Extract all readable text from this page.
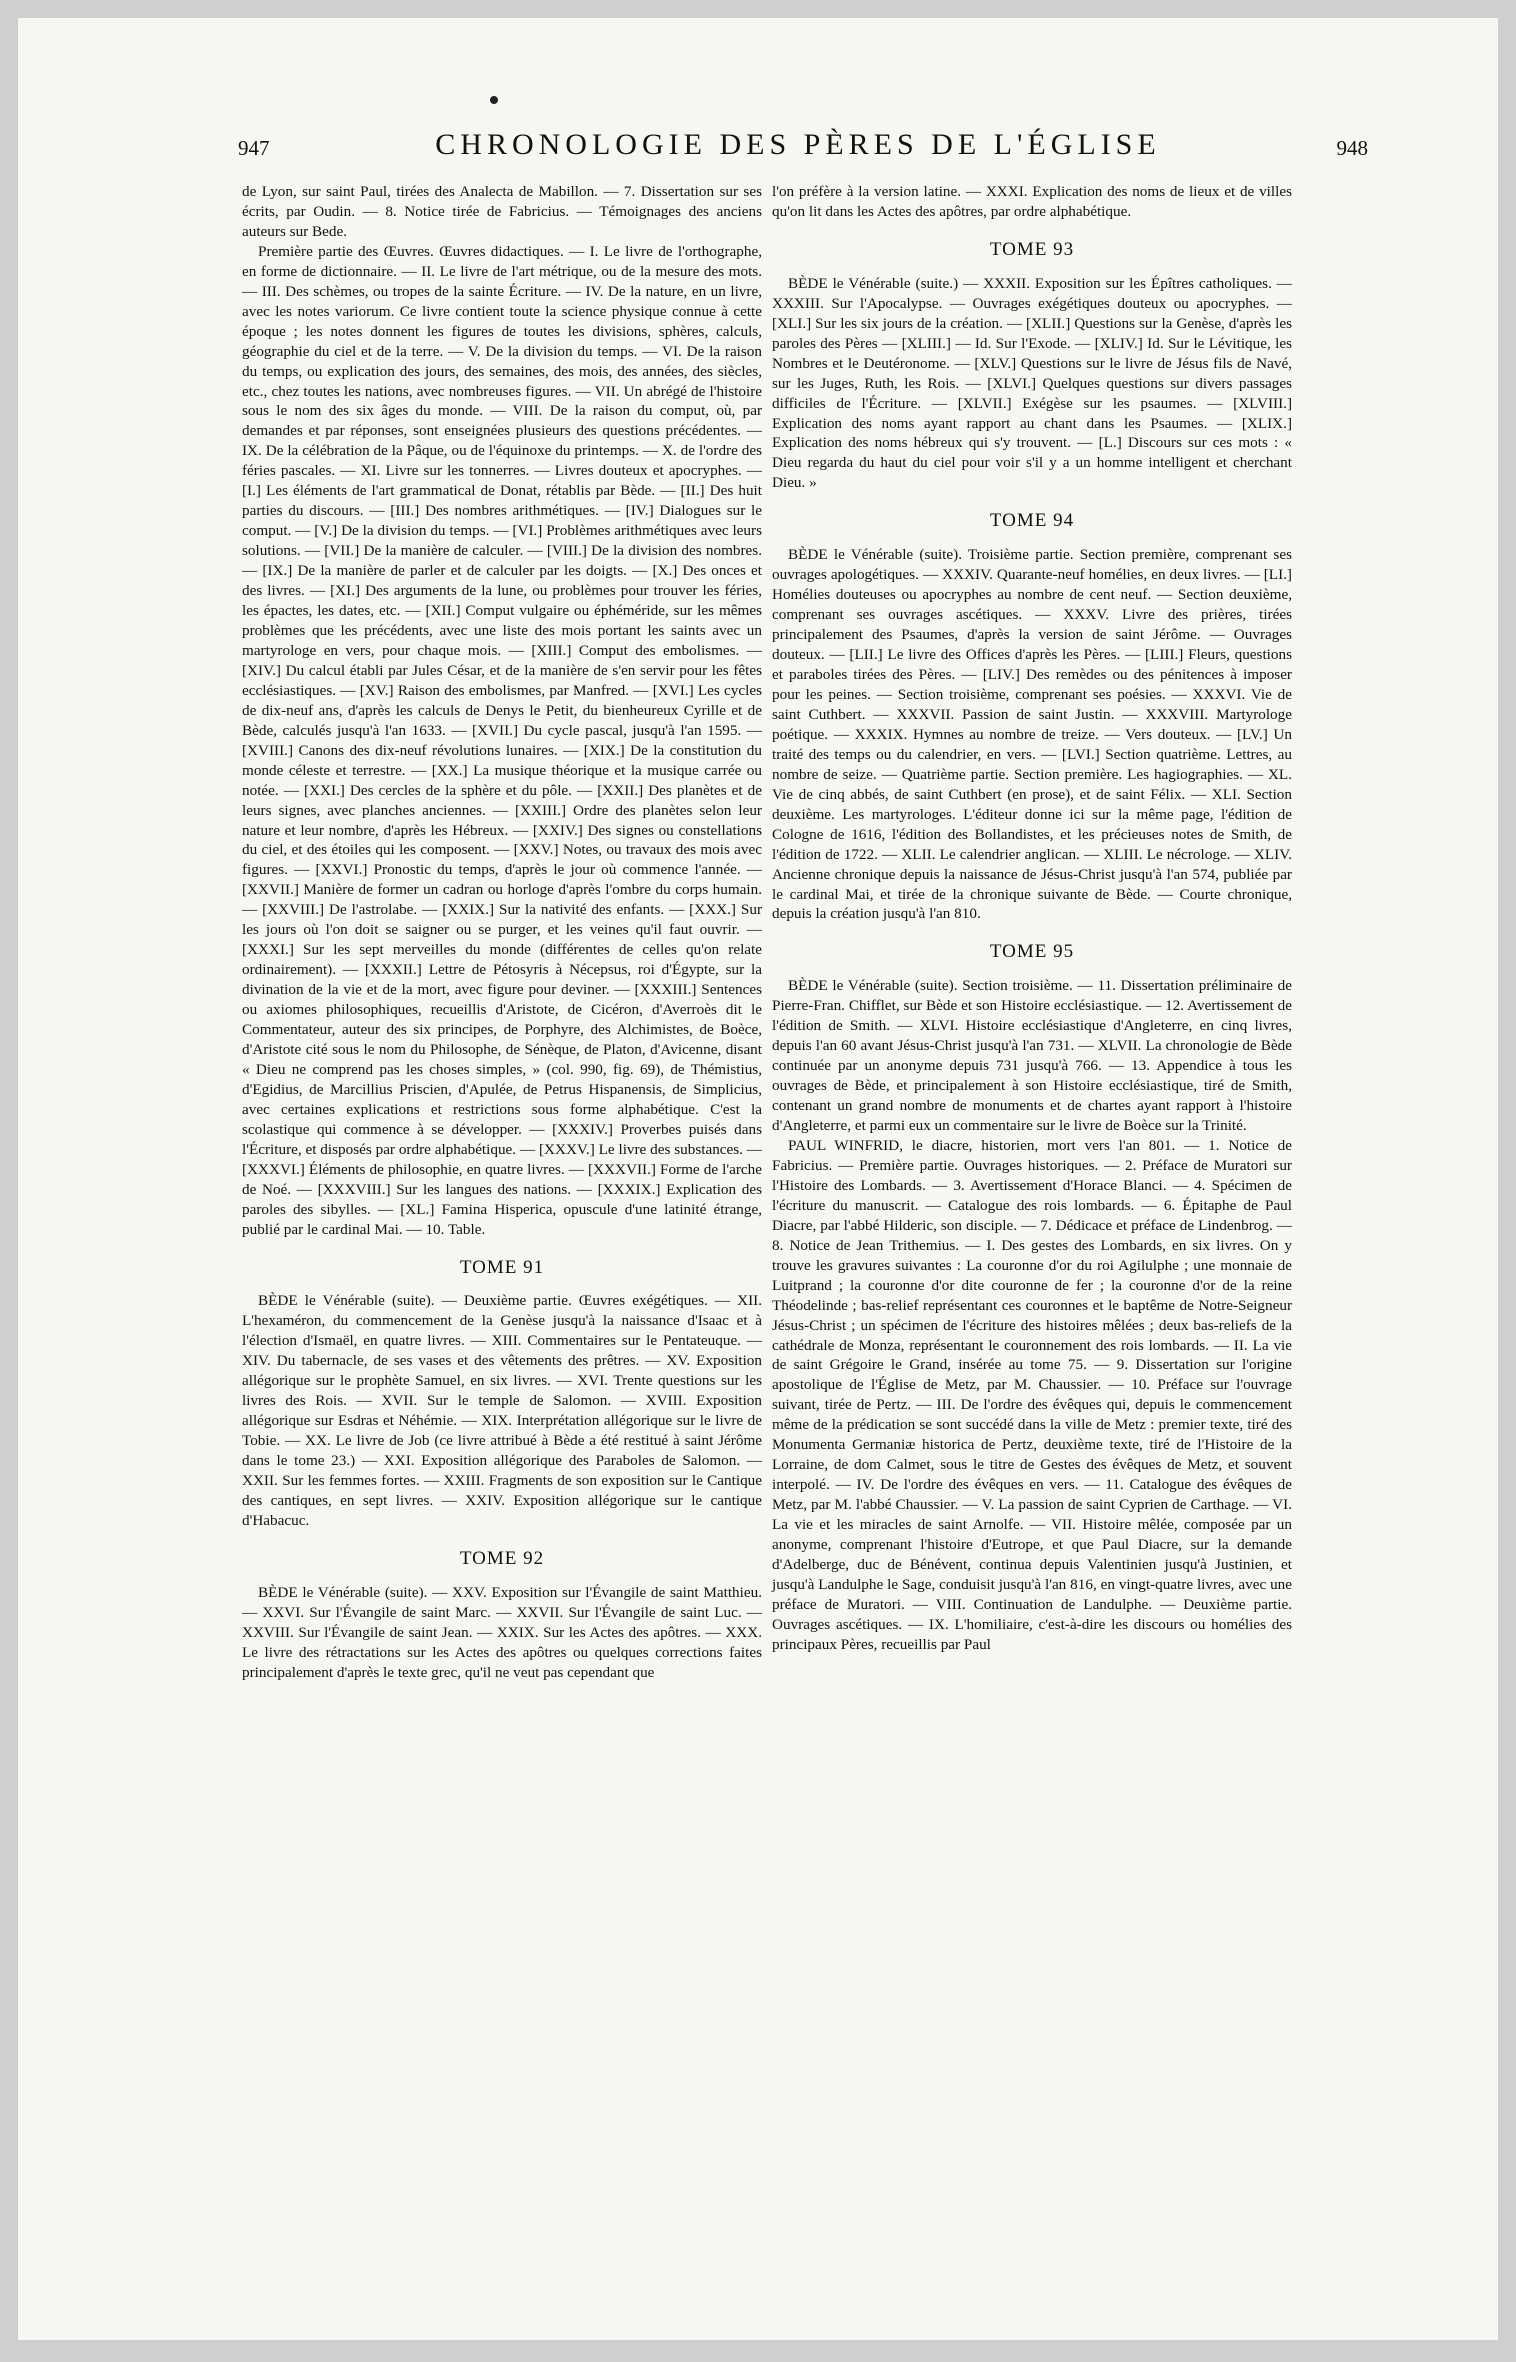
947	CHRONOLOGIE DES PÈRES DE L'ÉGLISE	948

de Lyon, sur saint Paul, tirées des Analecta de Mabillon. — 7. Dissertation sur ses écrits, par Oudin. — 8. Notice tirée de Fabricius. — Témoignages des anciens auteurs sur Bede.

Première partie des Œuvres. Œuvres didactiques. — I. Le livre de l'orthographe, en forme de dictionnaire. — II. Le livre de l'art métrique, ou de la mesure des mots. — III. Des schèmes, ou tropes de la sainte Écriture. — IV. De la nature, en un livre, avec les notes variorum. Ce livre contient toute la science physique connue à cette époque ; les notes donnent les figures de toutes les divisions, sphères, calculs, géographie du ciel et de la terre. — V. De la division du temps. — VI. De la raison du temps, ou explication des jours, des semaines, des mois, des années, des siècles, etc., chez toutes les nations, avec nombreuses figures. — VII. Un abrégé de l'histoire sous le nom des six âges du monde. — VIII. De la raison du comput, où, par demandes et par réponses, sont enseignées plusieurs des questions précédentes. — IX. De la célébration de la Pâque, ou de l'équinoxe du printemps. — X. de l'ordre des féries pascales. — XI. Livre sur les tonnerres. — Livres douteux et apocryphes. — [I.] Les éléments de l'art grammatical de Donat, rétablis par Bède. — [II.] Des huit parties du discours. — [III.] Des nombres arithmétiques. — [IV.] Dialogues sur le comput. — [V.] De la division du temps. — [VI.] Problèmes arithmétiques avec leurs solutions. — [VII.] De la manière de calculer. — [VIII.] De la division des nombres. — [IX.] De la manière de parler et de calculer par les doigts. — [X.] Des onces et des livres. — [XI.] Des arguments de la lune, ou problèmes pour trouver les féries, les épactes, les dates, etc. — [XII.] Comput vulgaire ou éphéméride, sur les mêmes problèmes que les précédents, avec une liste des mois portant les saints avec un martyrologe en vers, pour chaque mois. — [XIII.] Comput des embolismes. — [XIV.] Du calcul établi par Jules César, et de la manière de s'en servir pour les fêtes ecclésiastiques. — [XV.] Raison des embolismes, par Manfred. — [XVI.] Les cycles de dix-neuf ans, d'après les calculs de Denys le Petit, du bienheureux Cyrille et de Bède, calculés jusqu'à l'an 1633. — [XVII.] Du cycle pascal, jusqu'à l'an 1595. — [XVIII.] Canons des dix-neuf révolutions lunaires. — [XIX.] De la constitution du monde céleste et terrestre. — [XX.] La musique théorique et la musique carrée ou notée. — [XXI.] Des cercles de la sphère et du pôle. — [XXII.] Des planètes et de leurs signes, avec planches anciennes. — [XXIII.] Ordre des planètes selon leur nature et leur nombre, d'après les Hébreux. — [XXIV.] Des signes ou constellations du ciel, et des étoiles qui les composent. — [XXV.] Notes, ou travaux des mois avec figures. — [XXVI.] Pronostic du temps, d'après le jour où commence l'année. — [XXVII.] Manière de former un cadran ou horloge d'après l'ombre du corps humain. — [XXVIII.] De l'astrolabe. — [XXIX.] Sur la nativité des enfants. — [XXX.] Sur les jours où l'on doit se saigner ou se purger, et les veines qu'il faut ouvrir. — [XXXI.] Sur les sept merveilles du monde (différentes de celles qu'on relate ordinairement). — [XXXII.] Lettre de Pétosyris à Nécepsus, roi d'Égypte, sur la divination de la vie et de la mort, avec figure pour deviner. — [XXXIII.] Sentences ou axiomes philosophiques, recueillis d'Aristote, de Cicéron, d'Averroès dit le Commentateur, auteur des six principes, de Porphyre, des Alchimistes, de Boèce, d'Aristote cité sous le nom du Philosophe, de Sénèque, de Platon, d'Avicenne, disant « Dieu ne comprend pas les choses simples, » (col. 990, fig. 69), de Thémistius, d'Egidius, de Marcillius Priscien, d'Apulée, de Petrus Hispanensis, de Simplicius, avec certaines explications et restrictions sous forme alphabétique. C'est la scolastique qui commence à se développer. — [XXXIV.] Proverbes puisés dans l'Écriture, et disposés par ordre alphabétique. — [XXXV.] Le livre des substances. — [XXXVI.] Éléments de philosophie, en quatre livres. — [XXXVII.] Forme de l'arche de Noé. — [XXXVIII.] Sur les langues des nations. — [XXXIX.] Explication des paroles des sibylles. — [XL.] Famina Hisperica, opuscule d'une latinité étrange, publié par le cardinal Mai. — 10. Table.

TOME 91

BÈDE le Vénérable (suite). — Deuxième partie. Œuvres exégétiques. — XII. L'hexaméron, du commencement de la Genèse jusqu'à la naissance d'Isaac et à l'élection d'Ismaël, en quatre livres. — XIII. Commentaires sur le Pentateuque. — XIV. Du tabernacle, de ses vases et des vêtements des prêtres. — XV. Exposition allégorique sur le prophète Samuel, en six livres. — XVI. Trente questions sur les livres des Rois. — XVII. Sur le temple de Salomon. — XVIII. Exposition allégorique sur Esdras et Néhémie. — XIX. Interprétation allégorique sur le livre de Tobie. — XX. Le livre de Job (ce livre attribué à Bède a été restitué à saint Jérôme dans le tome 23.) — XXI. Exposition allégorique des Paraboles de Salomon. — XXII. Sur les femmes fortes. — XXIII. Fragments de son exposition sur le Cantique des cantiques, en sept livres. — XXIV. Exposition allégorique sur le cantique d'Habacuc.

TOME 92

BÈDE le Vénérable (suite). — XXV. Exposition sur l'Évangile de saint Matthieu. — XXVI. Sur l'Évangile de saint Marc. — XXVII. Sur l'Évangile de saint Luc. — XXVIII. Sur l'Évangile de saint Jean. — XXIX. Sur les Actes des apôtres. — XXX. Le livre des rétractations sur les Actes des apôtres ou quelques corrections faites principalement d'après le texte grec, qu'il ne veut pas cependant que

l'on préfère à la version latine. — XXXI. Explication des noms de lieux et de villes qu'on lit dans les Actes des apôtres, par ordre alphabétique.

TOME 93

BÈDE le Vénérable (suite.) — XXXII. Exposition sur les Épîtres catholiques. — XXXIII. Sur l'Apocalypse. — Ouvrages exégétiques douteux ou apocryphes. — [XLI.] Sur les six jours de la création. — [XLII.] Questions sur la Genèse, d'après les paroles des Pères — [XLIII.] — Id. Sur l'Exode. — [XLIV.] Id. Sur le Lévitique, les Nombres et le Deutéronome. — [XLV.] Questions sur le livre de Jésus fils de Navé, sur les Juges, Ruth, les Rois. — [XLVI.] Quelques questions sur divers passages difficiles de l'Écriture. — [XLVII.] Exégèse sur les psaumes. — [XLVIII.] Explication des noms ayant rapport au chant dans les Psaumes. — [XLIX.] Explication des noms hébreux qui s'y trouvent. — [L.] Discours sur ces mots : « Dieu regarda du haut du ciel pour voir s'il y a un homme intelligent et cherchant Dieu. »

TOME 94

BÈDE le Vénérable (suite). Troisième partie. Section première, comprenant ses ouvrages apologétiques. — XXXIV. Quarante-neuf homélies, en deux livres. — [LI.] Homélies douteuses ou apocryphes au nombre de cent neuf. — Section deuxième, comprenant ses ouvrages ascétiques. — XXXV. Livre des prières, tirées principalement des Psaumes, d'après la version de saint Jérôme. — Ouvrages douteux. — [LII.] Le livre des Offices d'après les Pères. — [LIII.] Fleurs, questions et paraboles tirées des Pères. — [LIV.] Des remèdes ou des pénitences à imposer pour les peines. — Section troisième, comprenant ses poésies. — XXXVI. Vie de saint Cuthbert. — XXXVII. Passion de saint Justin. — XXXVIII. Martyrologe poétique. — XXXIX. Hymnes au nombre de treize. — Vers douteux. — [LV.] Un traité des temps ou du calendrier, en vers. — [LVI.] Section quatrième. Lettres, au nombre de seize. — Quatrième partie. Section première. Les hagiographies. — XL. Vie de cinq abbés, de saint Cuthbert (en prose), et de saint Félix. — XLI. Section deuxième. Les martyrologes. L'éditeur donne ici sur la même page, l'édition de Cologne de 1616, l'édition des Bollandistes, et les précieuses notes de Smith, de l'édition de 1722. — XLII. Le calendrier anglican. — XLIII. Le nécrologe. — XLIV. Ancienne chronique depuis la naissance de Jésus-Christ jusqu'à l'an 574, publiée par le cardinal Mai, et tirée de la chronique suivante de Bède. — Courte chronique, depuis la création jusqu'à l'an 810.

TOME 95

BÈDE le Vénérable (suite). Section troisième. — 11. Dissertation préliminaire de Pierre-Fran. Chifflet, sur Bède et son Histoire ecclésiastique. — 12. Avertissement de l'édition de Smith. — XLVI. Histoire ecclésiastique d'Angleterre, en cinq livres, depuis l'an 60 avant Jésus-Christ jusqu'à l'an 731. — XLVII. La chronologie de Bède continuée par un anonyme depuis 731 jusqu'à 766. — 13. Appendice à tous les ouvrages de Bède, et principalement à son Histoire ecclésiastique, tiré de Smith, contenant un grand nombre de monuments et de chartes ayant rapport à l'histoire d'Angleterre, et parmi eux un commentaire sur le livre de Boèce sur la Trinité.

PAUL WINFRID, le diacre, historien, mort vers l'an 801. — 1. Notice de Fabricius. — Première partie. Ouvrages historiques. — 2. Préface de Muratori sur l'Histoire des Lombards. — 3. Avertissement d'Horace Blanci. — 4. Spécimen de l'écriture du manuscrit. — Catalogue des rois lombards. — 6. Épitaphe de Paul Diacre, par l'abbé Hilderic, son disciple. — 7. Dédicace et préface de Lindenbrog. — 8. Notice de Jean Trithemius. — I. Des gestes des Lombards, en six livres. On y trouve les gravures suivantes : La couronne d'or du roi Agilulphe ; une monnaie de Luitprand ; la couronne d'or dite couronne de fer ; la couronne d'or de la reine Théodelinde ; bas-relief représentant ces couronnes et le baptême de Notre-Seigneur Jésus-Christ ; un spécimen de l'écriture des histoires mêlées ; deux bas-reliefs de la cathédrale de Monza, représentant le couronnement des rois lombards. — II. La vie de saint Grégoire le Grand, insérée au tome 75. — 9. Dissertation sur l'origine apostolique de l'Église de Metz, par M. Chaussier. — 10. Préface sur l'ouvrage suivant, tirée de Pertz. — III. De l'ordre des évêques qui, depuis le commencement même de la prédication se sont succédé dans la ville de Metz : premier texte, tiré des Monumenta Germaniæ historica de Pertz, deuxième texte, tiré de l'Histoire de la Lorraine, de dom Calmet, sous le titre de Gestes des évêques de Metz, et souvent interpolé. — IV. De l'ordre des évêques en vers. — 11. Catalogue des évêques de Metz, par M. l'abbé Chaussier. — V. La passion de saint Cyprien de Carthage. — VI. La vie et les miracles de saint Arnolfe. — VII. Histoire mêlée, composée par un anonyme, comprenant l'histoire d'Eutrope, et que Paul Diacre, sur la demande d'Adelberge, duc de Bénévent, continua depuis Valentinien jusqu'à Justinien, et jusqu'à Landulphe le Sage, conduisit jusqu'à l'an 816, en vingt-quatre livres, avec une préface de Muratori. — VIII. Continuation de Landulphe. — Deuxième partie. Ouvrages ascétiques. — IX. L'homiliaire, c'est-à-dire les discours ou homélies des principaux Pères, recueillis par Paul
